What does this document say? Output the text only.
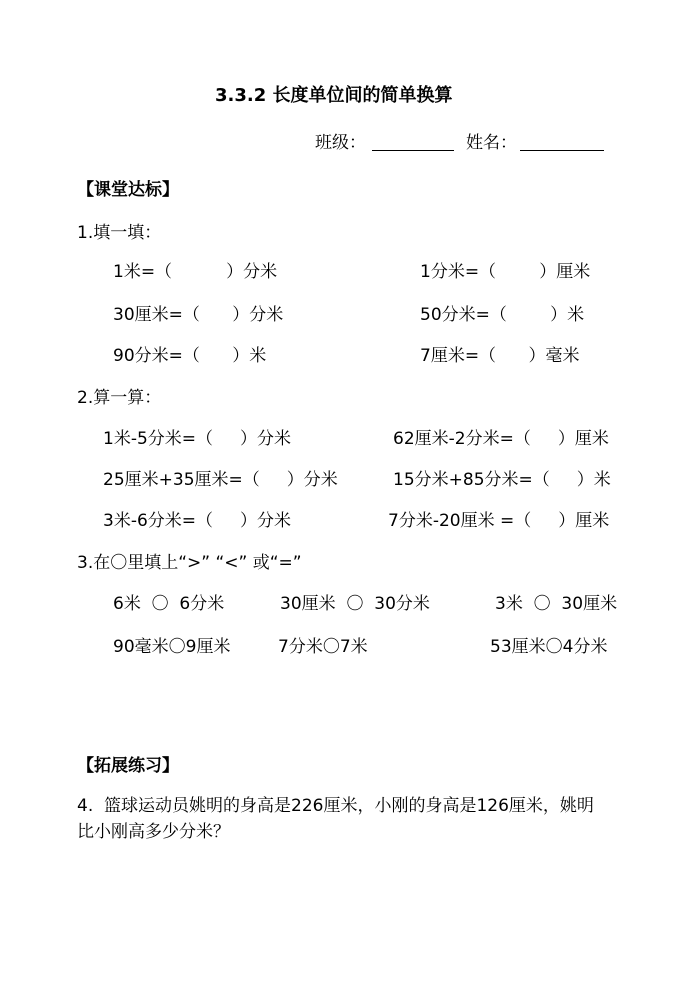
3.3.2 长度单位间的简单换算
班级：	姓名：
【课堂达标】
1.填一填：
1米=（          ）分米	1分米=（        ）厘米
30厘米=（      ）分米	50分米=（        ）米
90分米=（      ）米	7厘米=（      ）毫米
2.算一算：
1米-5分米=（     ）分米	62厘米-2分米=（     ）厘米
25厘米+35厘米=（     ）分米	15分米+85分米=（     ）米
3米-6分米=（     ）分米	7分米-20厘米 =（     ）厘米
3.在〇里填上“>” “<” 或“=”
6米  〇  6分米	30厘米  〇  30分米	3米  〇  30厘米
90毫米〇9厘米	7分米〇7米	53厘米〇4分米
【拓展练习】
4.  篮球运动员姚明的身高是226厘米，小刚的身高是126厘米，姚明
比小刚高多少分米？
